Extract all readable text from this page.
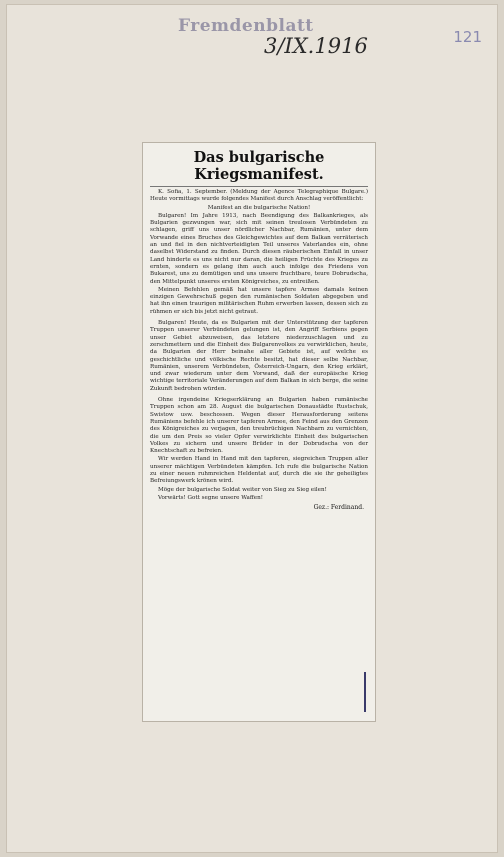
Fremdenblatt
3/IX.1916	121
Das bulgarische Kriegsmanifest.

K. Sofia, 1. September. (Meldung der Agence Telegraphique Bulgare.) Heute vormittags wurde folgendes Manifest durch Anschlag veröffentlicht:

Manifest an die bulgarische Nation!

Bulgaren! Im Jahre 1913, nach Beendigung des Balkankrieges, als Bulgarien gezwungen war, sich mit seinen treulosen Verbündeten zu schlagen, griff uns unser nördlicher Nachbar, Rumänien, unter dem Vorwande eines Bruches des Gleichgewichtes auf dem Balkan verräterisch an und fiel in den nichtverteidigten Teil unseres Vaterlandes ein, ohne daselbst Widerstand zu finden. Durch diesen räuberischen Einfall in unser Land hinderte es uns nicht nur daran, die heiligen Früchte des Krieges zu ernten, sondern es gelang ihm auch auch infolge des Friedens von Bukarest, uns zu demütigen und uns unsere fruchtbare, teure Dobrudscha, den Mittelpunkt unseres ersten Königreiches, zu entreißen.

Meinen Befehlen gemäß hat unsere tapfere Armee damals keinen einzigen Gewehrschuß gegen den rumänischen Soldaten abgegeben und hat ihn einen traurigen militärischen Ruhm erwerben lassen, dessen sich zu rühmen er sich bis jetzt nicht getraut.

Bulgaren! Heute, da es Bulgarien mit der Unterstützung der tapferen Truppen unserer Verbündeten gelungen ist, den Angriff Serbiens gegen unser Gebiet abzuweisen, das letztere niederzuschlagen und zu zerschmettern und die Einheit des Bulgarenvolkes zu verwirklichen, heute, da Bulgarien der Herr beinahe aller Gebiete ist, auf welche es geschichtliche und völkische Rechte besitzt, hat dieser selbe Nachbar, Rumänien, unserem Verbündeten, Österreich-Ungarn, den Krieg erklärt, und zwar wiederum unter dem Vorwand, daß der europäische Krieg wichtige territoriale Veränderungen auf dem Balkan in sich berge, die seine Zukunft bedrohen würden.

Ohne irgendeine Kriegserklärung an Bulgarien haben rumänische Truppen schon am 28. August die bulgarischen Donaustädte Rustschuk, Swistow usw. beschossen. Wegen dieser Herausforderung seitens Rumäniens befehle ich unserer tapferen Armee, den Feind aus den Grenzen des Königreiches zu verjagen, den treubrüchigen Nachbarn zu vernichten, die um den Preis so vieler Opfer verwirklichte Einheit des bulgarischen Volkes zu sichern und unsere Brüder in der Dobrudscha von der Knechtschaft zu befreien.

Wir werden Hand in Hand mit den tapferen, siegreichen Truppen aller unserer mächtigen Verbündeten kämpfen. Ich rufe die bulgarische Nation zu einer neuen ruhmreichen Heldentat auf, durch die sie ihr geheiligtes Befreiungswerk krönen wird.

Möge der bulgarische Soldat weiter von Sieg zu Sieg eilen!

Vorwärts! Gott segne unsere Waffen!

Gez.: Ferdinand.
